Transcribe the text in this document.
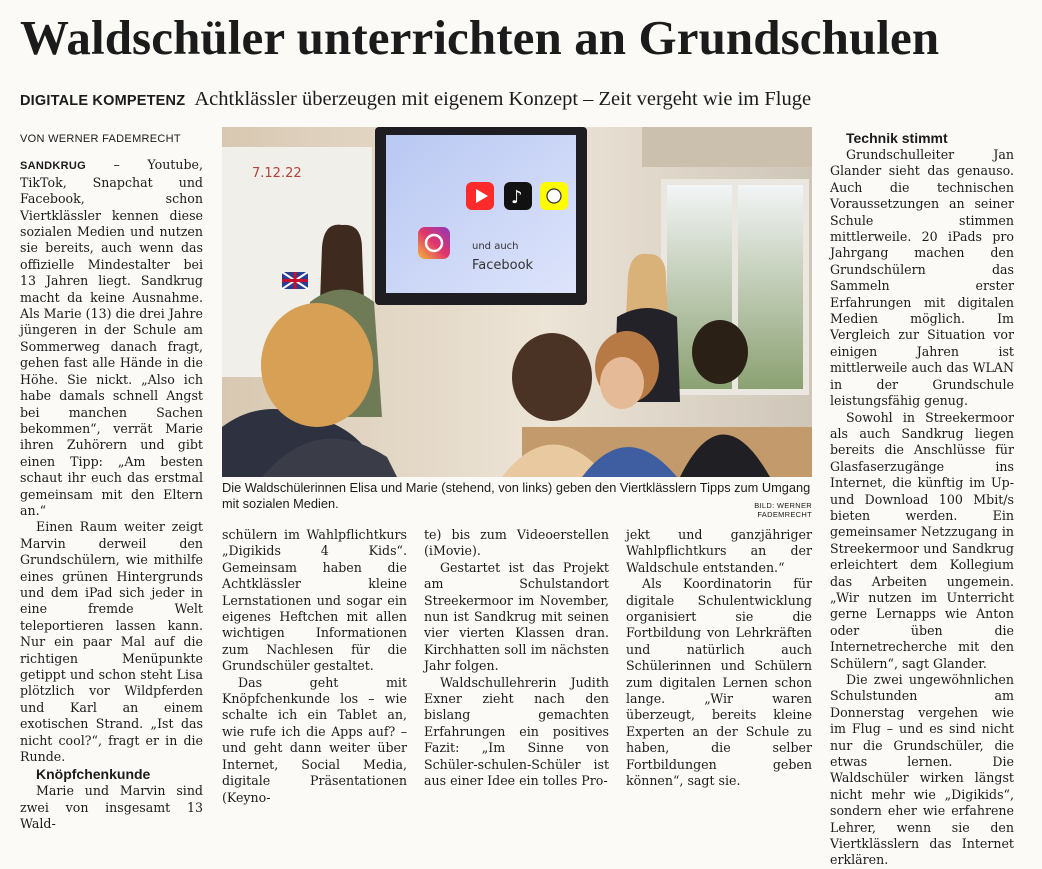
Waldschüler unterrichten an Grundschulen
DIGITALE KOMPETENZ Achtklässler überzeugen mit eigenem Konzept – Zeit vergeht wie im Fluge

VON WERNER FADEMRECHT

SANDKRUG – Youtube, TikTok, Snapchat und Facebook, schon Viertklässler kennen diese sozialen Medien und nutzen sie bereits, auch wenn das offizielle Mindestalter bei 13 Jahren liegt. Sandkrug macht da keine Ausnahme. Als Marie (13) die drei Jahre jüngeren in der Schule am Sommerweg danach fragt, gehen fast alle Hände in die Höhe. Sie nickt. „Also ich habe damals schnell Angst bei manchen Sachen bekommen“, verrät Marie ihren Zuhörern und gibt einen Tipp: „Am besten schaut ihr euch das erstmal gemeinsam mit den Eltern an.“

Einen Raum weiter zeigt Marvin derweil den Grundschülern, wie mithilfe eines grünen Hintergrunds und dem iPad sich jeder in eine fremde Welt teleportieren lassen kann. Nur ein paar Mal auf die richtigen Menüpunkte getippt und schon steht Lisa plötzlich vor Wildpferden und Karl an einem exotischen Strand. „Ist das nicht cool?“, fragt er in die Runde.

Knöpfchenkunde

Marie und Marvin sind zwei von insgesamt 13 Wald-

7.12.22
♪
und auch
Facebook
Die Waldschülerinnen Elisa und Marie (stehend, von links) geben den Viertklässlern Tipps zum Umgang mit sozialen Medien.	BILD: WERNER FADEMRECHT

schülern im Wahlpflichtkurs „Digikids 4 Kids“. Gemeinsam haben die Achtklässler kleine Lernstationen und sogar ein eigenes Heftchen mit allen wichtigen Informationen zum Nachlesen für die Grundschüler gestaltet.

Das geht mit Knöpfchenkunde los – wie schalte ich ein Tablet an, wie rufe ich die Apps auf? – und geht dann weiter über Internet, Social Media, digitale Präsentationen (Keyno-

te) bis zum Videoerstellen (iMovie).

Gestartet ist das Projekt am Schulstandort Streekermoor im November, nun ist Sandkrug mit seinen vier vierten Klassen dran. Kirchhatten soll im nächsten Jahr folgen.

Waldschullehrerin Judith Exner zieht nach den bislang gemachten Erfahrungen ein positives Fazit: „Im Sinne von Schüler-schulen-Schüler ist aus einer Idee ein tolles Pro-

jekt und ganzjähriger Wahlpflichtkurs an der Waldschule entstanden.“

Als Koordinatorin für digitale Schulentwicklung organisiert sie die Fortbildung von Lehrkräften und natürlich auch Schülerinnen und Schülern zum digitalen Lernen schon lange. „Wir waren überzeugt, bereits kleine Experten an der Schule zu haben, die selber Fortbildungen geben können“, sagt sie.

Technik stimmt

Grundschulleiter Jan Glander sieht das genauso. Auch die technischen Voraussetzungen an seiner Schule stimmen mittlerweile. 20 iPads pro Jahrgang machen den Grundschülern das Sammeln erster Erfahrungen mit digitalen Medien möglich. Im Vergleich zur Situation vor einigen Jahren ist mittlerweile auch das WLAN in der Grundschule leistungsfähig genug.

Sowohl in Streekermoor als auch Sandkrug liegen bereits die Anschlüsse für Glasfaserzugänge ins Internet, die künftig im Up- und Download 100 Mbit/s bieten werden. Ein gemeinsamer Netzzugang in Streekermoor und Sandkrug erleichtert dem Kollegium das Arbeiten ungemein. „Wir nutzen im Unterricht gerne Lernapps wie Anton oder üben die Internetrecherche mit den Schülern“, sagt Glander.

Die zwei ungewöhnlichen Schulstunden am Donnerstag vergehen wie im Flug – und es sind nicht nur die Grundschüler, die etwas lernen. Die Waldschüler wirken längst nicht mehr wie „Digikids“, sondern eher wie erfahrene Lehrer, wenn sie den Viertklässlern das Internet erklären.
